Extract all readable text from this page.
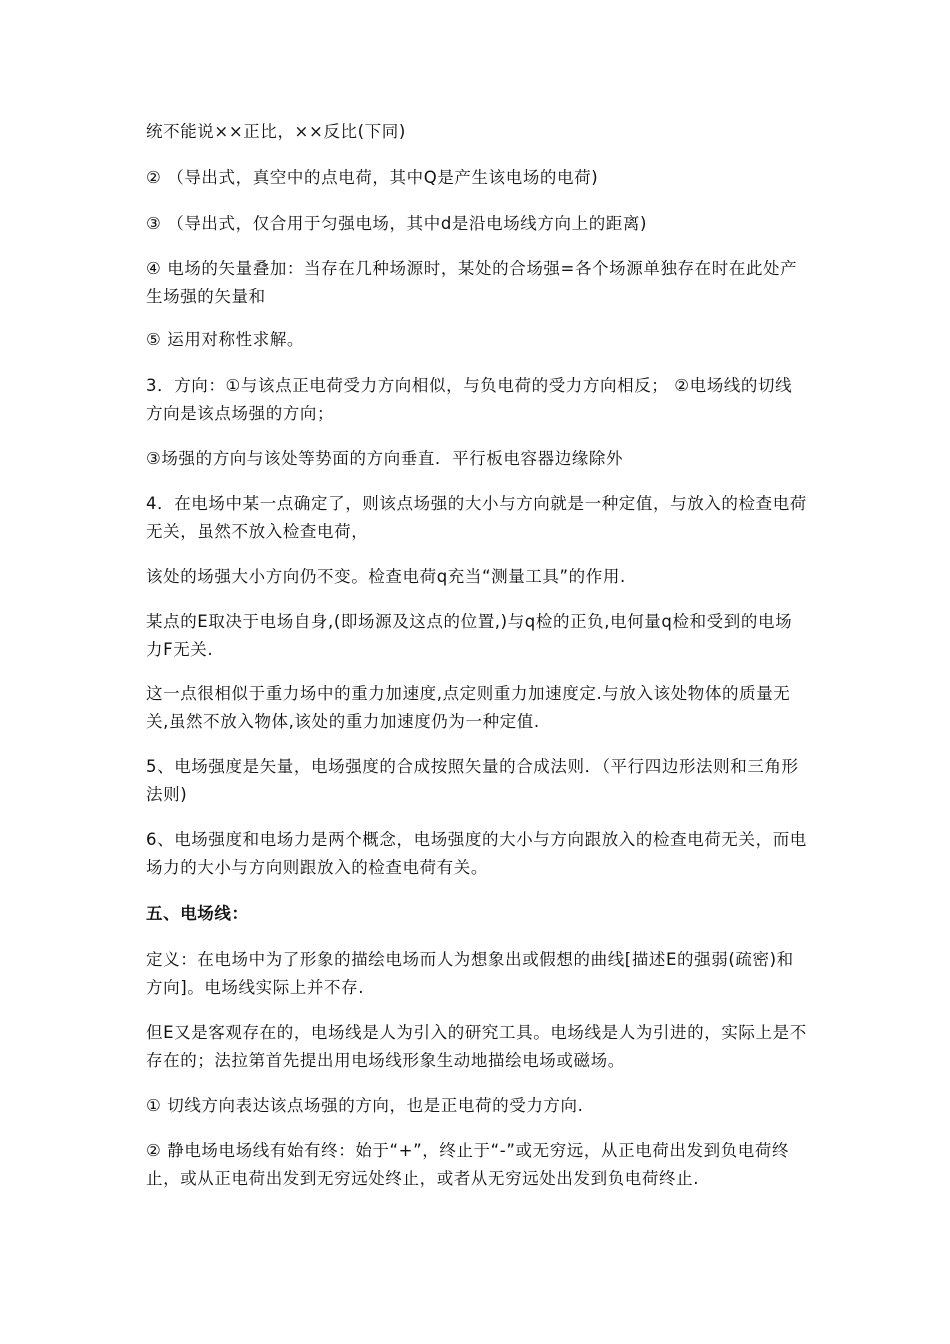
统不能说××正比，××反比(下同)

② （导出式，真空中的点电荷，其中Q是产生该电场的电荷)

③ （导出式，仅合用于匀强电场，其中d是沿电场线方向上的距离)

④ 电场的矢量叠加：当存在几种场源时，某处的合场强=各个场源单独存在时在此处产生场强的矢量和

⑤ 运用对称性求解。

3．方向：①与该点正电荷受力方向相似，与负电荷的受力方向相反； ②电场线的切线方向是该点场强的方向；

③场强的方向与该处等势面的方向垂直．平行板电容器边缘除外

4．在电场中某一点确定了，则该点场强的大小与方向就是一种定值，与放入的检查电荷无关，虽然不放入检查电荷，

该处的场强大小方向仍不变。检查电荷q充当“测量工具”的作用.

某点的E取决于电场自身,(即场源及这点的位置,)与q检的正负,电何量q检和受到的电场力F无关.

这一点很相似于重力场中的重力加速度,点定则重力加速度定.与放入该处物体的质量无关,虽然不放入物体,该处的重力加速度仍为一种定值.

5、电场强度是矢量，电场强度的合成按照矢量的合成法则．（平行四边形法则和三角形法则)

6、电场强度和电场力是两个概念，电场强度的大小与方向跟放入的检查电荷无关，而电场力的大小与方向则跟放入的检查电荷有关。

五、电场线：

定义：在电场中为了形象的描绘电场而人为想象出或假想的曲线[描述E的强弱(疏密)和方向]。电场线实际上并不存.

但E又是客观存在的，电场线是人为引入的研究工具。电场线是人为引进的，实际上是不存在的；法拉第首先提出用电场线形象生动地描绘电场或磁场。

① 切线方向表达该点场强的方向，也是正电荷的受力方向.

② 静电场电场线有始有终：始于“+”，终止于“-”或无穷远，从正电荷出发到负电荷终止，或从正电荷出发到无穷远处终止，或者从无穷远处出发到负电荷终止.
